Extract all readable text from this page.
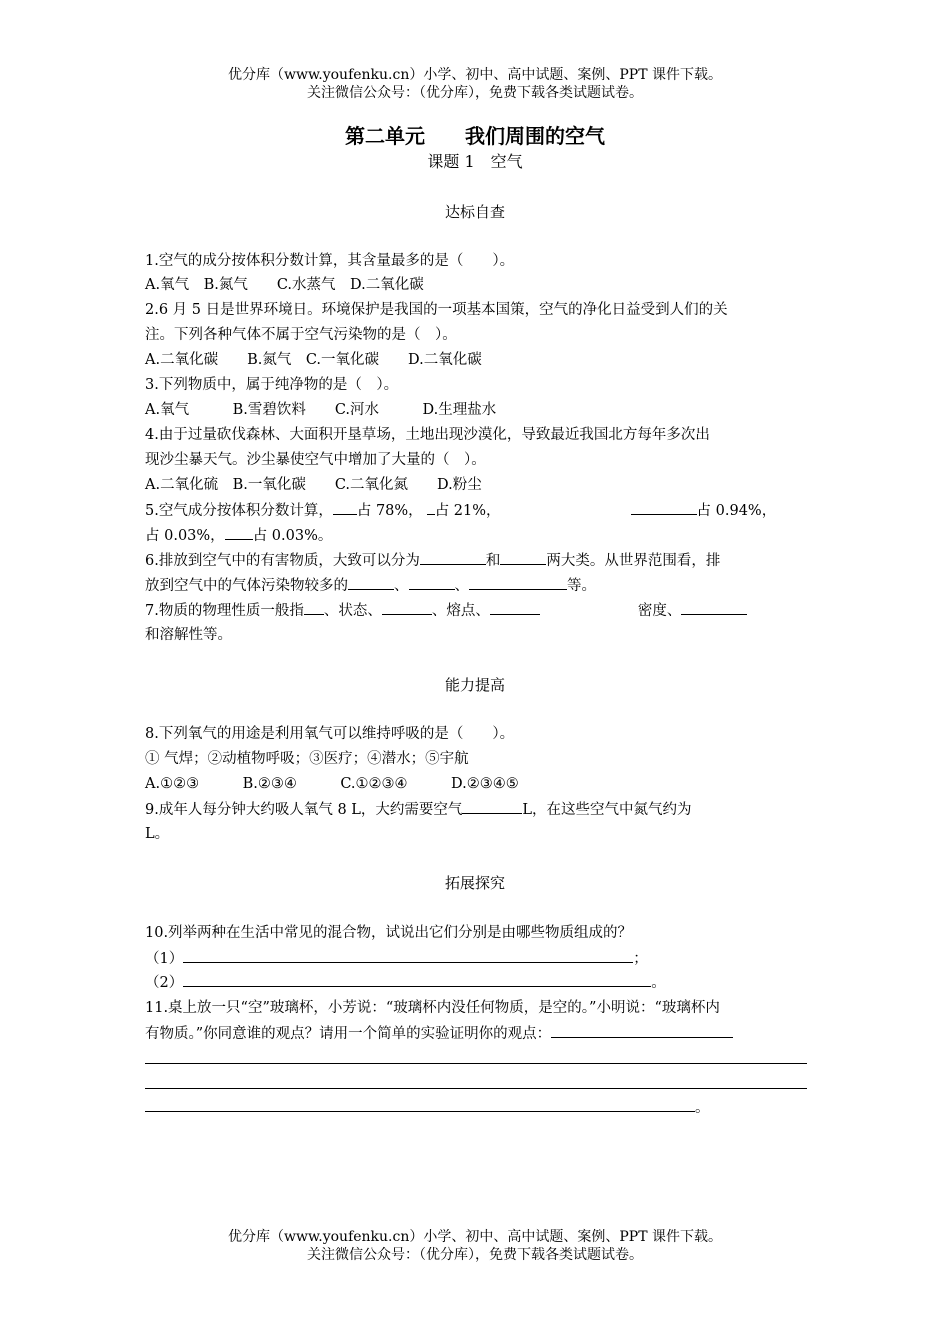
优分库（www.youfenku.cn）小学、初中、高中试题、案例、PPT 课件下载。
关注微信公众号：（优分库），免费下载各类试题试卷。
第二单元　　我们周围的空气
课题 1　空气
达标自查
1.空气的成分按体积分数计算，其含量最多的是（　　）。
A.氧气　B.氮气　　C.水蒸气　D.二氧化碳
2.6 月 5 日是世界环境日。环境保护是我国的一项基本国策，空气的净化日益受到人们的关
注。下列各种气体不属于空气污染物的是（　）。
A.二氧化碳　　B.氮气　C.一氧化碳　　D.二氧化碳
3.下列物质中，属于纯净物的是（　）。
A.氧气　　　B.雪碧饮料　　C.河水　　　D.生理盐水
4.由于过量砍伐森林、大面积开垦草场，土地出现沙漠化，导致最近我国北方每年多次出
现沙尘暴天气。沙尘暴使空气中增加了大量的（　）。
A.二氧化硫　B.一氧化碳　　C.二氧化氮　　D.粉尘
5.空气成分按体积分数计算， 占 78%， 占 21%，	占 0.94%，
占 0.03%， 占 0.03%。
6.排放到空气中的有害物质，大致可以分为	和	两大类。从世界范围看，排
放到空气中的气体污染物较多的	、	、	等。
7.物质的物理性质一般指 、状态、	、熔点、	密度、
和溶解性等。
能力提高
8.下列氧气的用途是利用氧气可以维持呼吸的是（　　）。
① 气焊；②动植物呼吸；③医疗；④潜水；⑤宇航
A.①②③　　　B.②③④　　　C.①②③④　　　D.②③④⑤
9.成年人每分钟大约吸人氧气 8 L，大约需要空气	L，在这些空气中氮气约为
L。
拓展探究
10.列举两种在生活中常见的混合物，试说出它们分别是由哪些物质组成的？
（1）	；
（2）	。
11.桌上放一只“空”玻璃杯，小芳说：“玻璃杯内没任何物质，是空的。”小明说：“玻璃杯内
有物质。”你同意谁的观点？请用一个简单的实验证明你的观点：
。
优分库（www.youfenku.cn）小学、初中、高中试题、案例、PPT 课件下载。
关注微信公众号：（优分库），免费下载各类试题试卷。
